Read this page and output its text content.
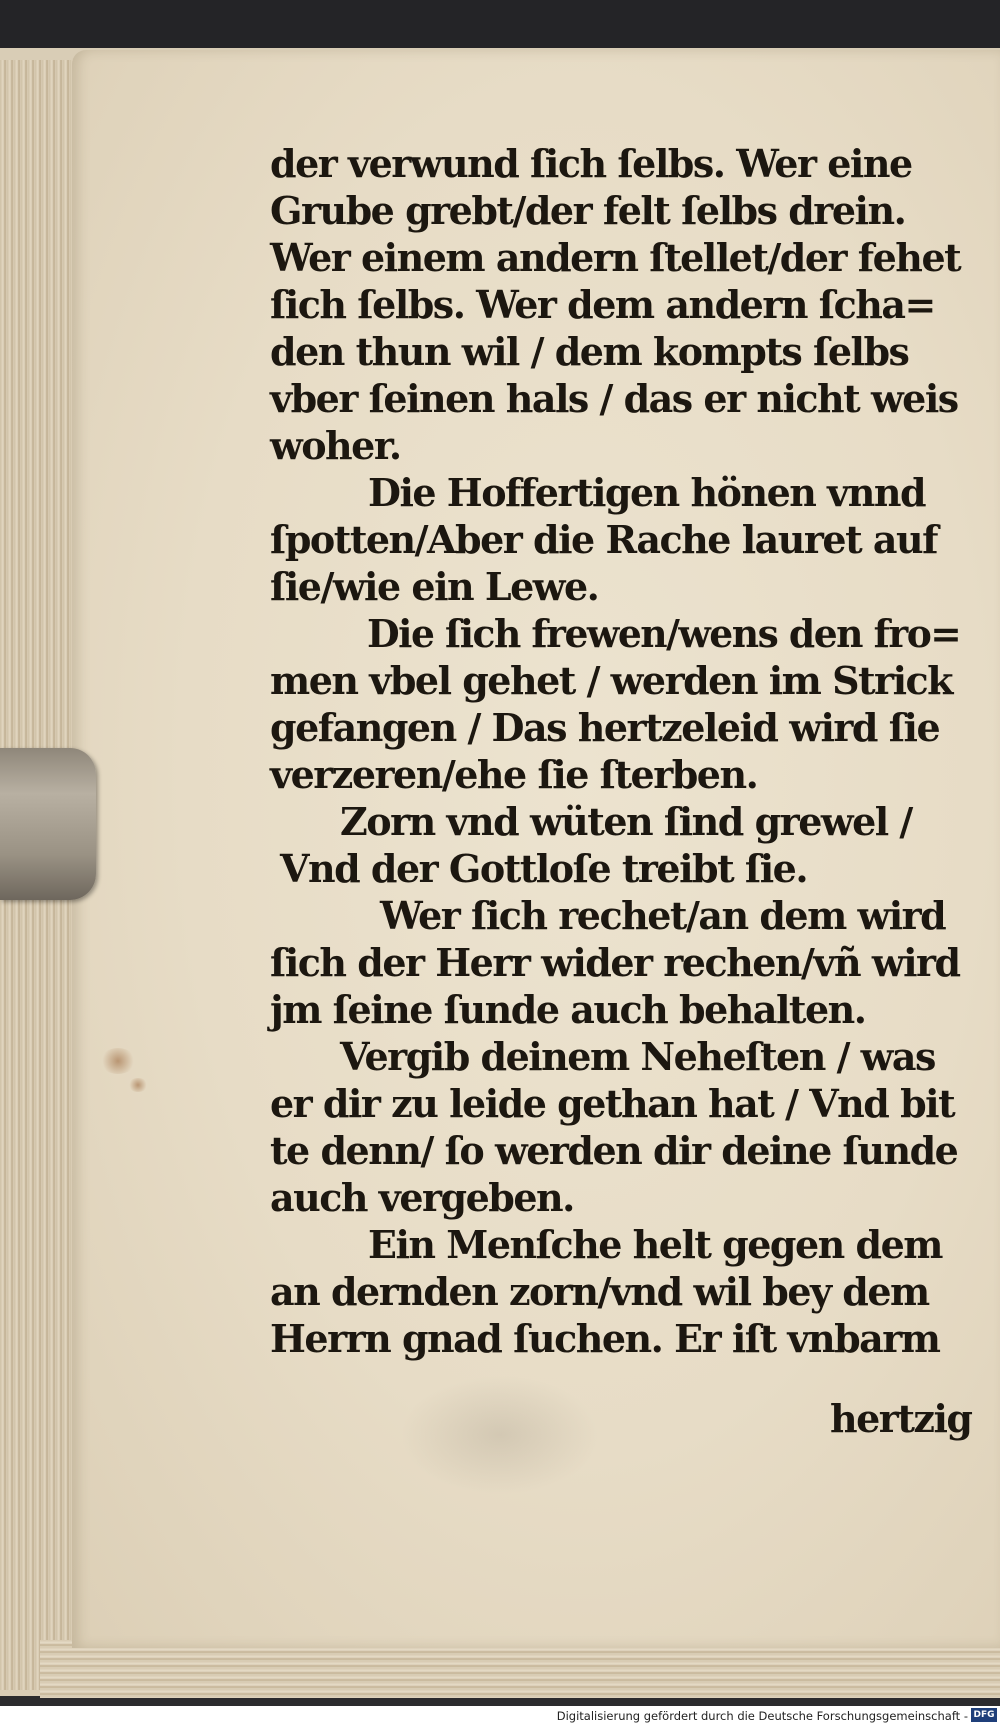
der verwund ſich ſelbs. Wer eine
Grube grebt/der felt ſelbs drein.
Wer einem andern ſtellet/der fehet
ſich ſelbs. Wer dem andern ſcha=
den thun wil / dem kompts ſelbs
vber ſeinen hals / das er nicht weis
woher.
Die Hoffertigen hönen vnnd
ſpotten/Aber die Rache lauret auf
ſie/wie ein Lewe.
Die ſich frewen/wens den fro=
men vbel gehet / werden im Strick
gefangen / Das hertzeleid wird ſie
verzeren/ehe ſie ſterben.
Zorn vnd wüten ſind grewel /
Vnd der Gottloſe treibt ſie.
Wer ſich rechet/an dem wird
ſich der Herr wider rechen/vñ wird
jm ſeine ſunde auch behalten.
Vergib deinem Neheſten / was
er dir zu leide gethan hat / Vnd bit
te denn/ ſo werden dir deine ſunde
auch vergeben.
Ein Menſche helt gegen dem
an dernden zorn/vnd wil bey dem
Herrn gnad ſuchen. Er iſt vnbarm
hertzig
Digitalisierung gefördert durch die Deutsche Forschungsgemeinschaft - DFG
